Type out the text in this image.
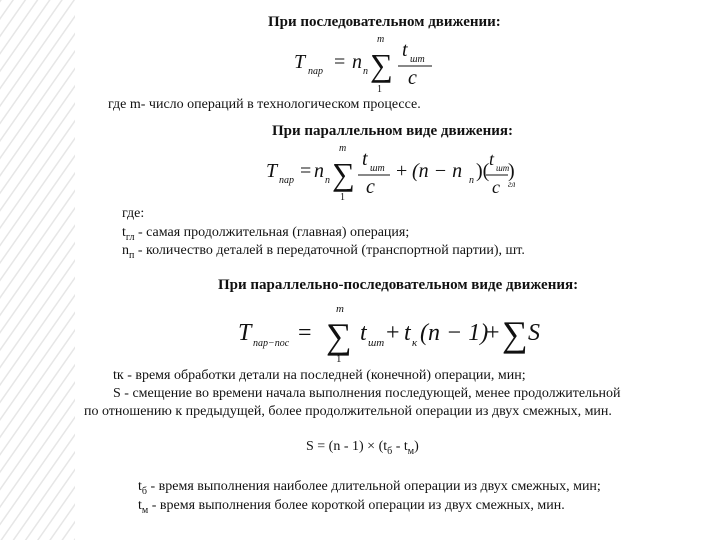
При последовательном движении:
T пар = n п
m
∑
1
t шт
c
где m- число операций в технологическом процессе.
При параллельном виде движения:
T пар = n п
m
∑
1
t шт
c
+ (n − n п )(
t шт
c
)
гл
где:
$t_{гл}$ - самая продолжительная (главная) операция;
$n_п$ - количество деталей в передаточной (транспортной партии), шт.
При параллельно-последовательном виде движения:
T пар−пос =
m
∑
1
t шт + t к (n − 1)
+ ∑ S
tк - время обработки детали на последней (конечной) операции, мин;
S - смещение во времени начала выполнения последующей, менее продолжительной
по отношению к предыдущей, более продолжительной операции из двух смежных, мин.
$S = (n - 1) \times (t_б - t_м)$
$t_б$ - время выполнения наиболее длительной операции из двух смежных, мин;
$t_м$ - время выполнения более короткой операции из двух смежных, мин.
